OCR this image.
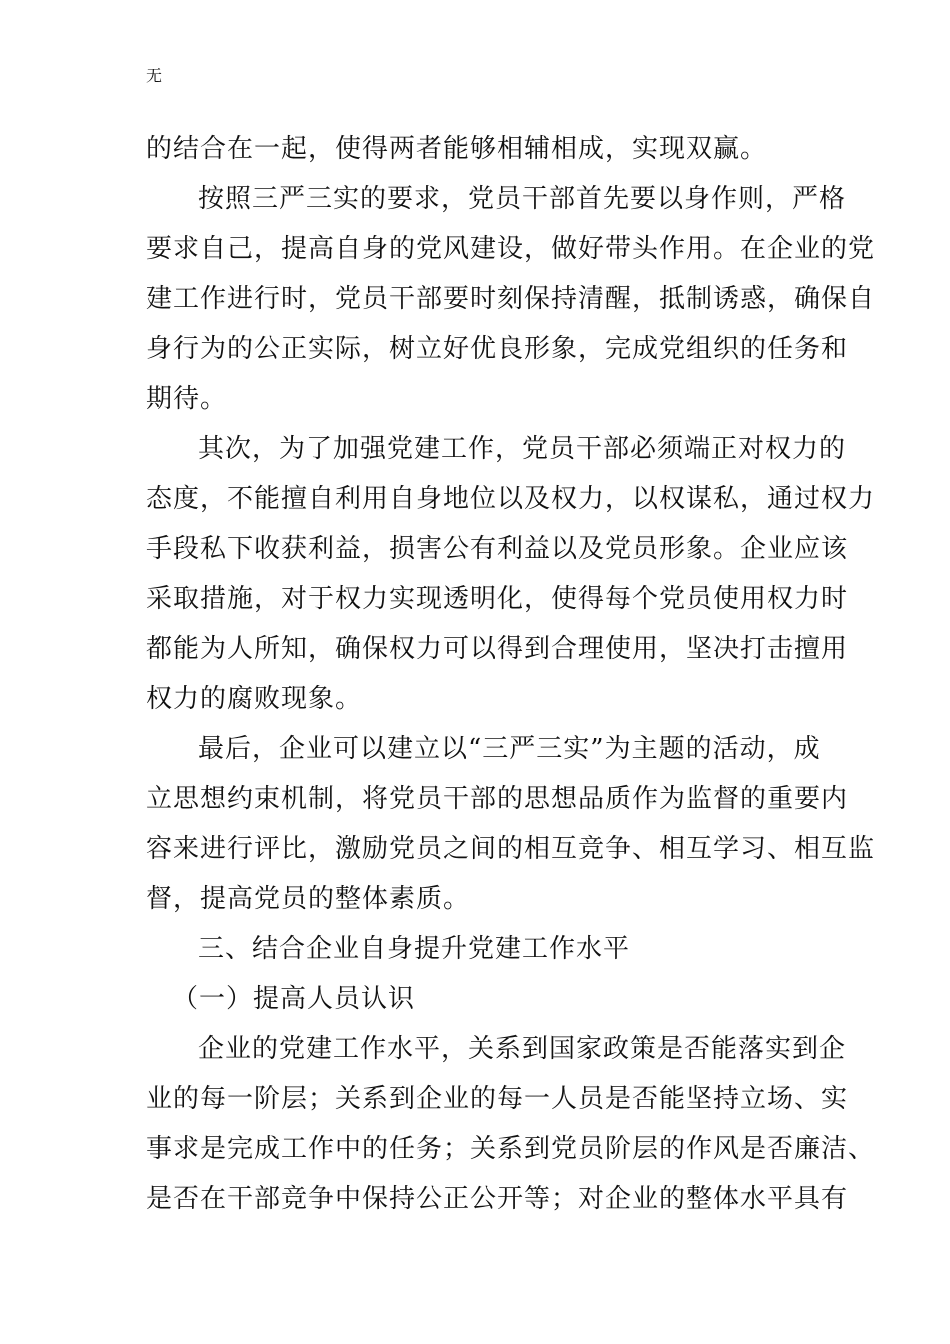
无
的结合在一起，使得两者能够相辅相成，实现双赢。
按照三严三实的要求，党员干部首先要以身作则，严格
要求自己，提高自身的党风建设，做好带头作用。在企业的党
建工作进行时，党员干部要时刻保持清醒，抵制诱惑，确保自
身行为的公正实际，树立好优良形象，完成党组织的任务和
期待。
其次，为了加强党建工作，党员干部必须端正对权力的
态度，不能擅自利用自身地位以及权力，以权谋私，通过权力
手段私下收获利益，损害公有利益以及党员形象。企业应该
采取措施，对于权力实现透明化，使得每个党员使用权力时
都能为人所知，确保权力可以得到合理使用，坚决打击擅用
权力的腐败现象。
最后，企业可以建立以“三严三实”为主题的活动，成
立思想约束机制，将党员干部的思想品质作为监督的重要内
容来进行评比，激励党员之间的相互竞争、相互学习、相互监
督，提高党员的整体素质。
三、结合企业自身提升党建工作水平
（一）提高人员认识
企业的党建工作水平，关系到国家政策是否能落实到企
业的每一阶层；关系到企业的每一人员是否能坚持立场、实
事求是完成工作中的任务；关系到党员阶层的作风是否廉洁、
是否在干部竞争中保持公正公开等；对企业的整体水平具有
